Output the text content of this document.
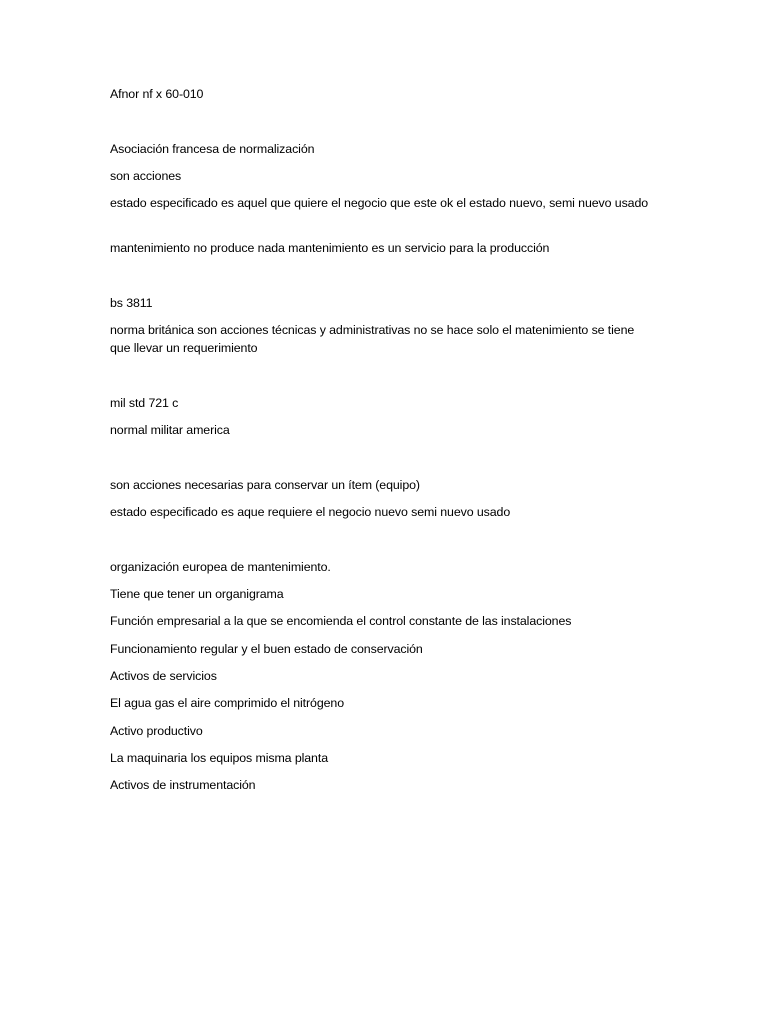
Afnor nf x 60-010
Asociación francesa de normalización
son acciones
estado especificado es aquel que quiere el negocio que este ok el estado nuevo, semi nuevo usado
mantenimiento no produce nada mantenimiento es un servicio para la producción
bs 3811
norma británica son acciones técnicas y administrativas no se hace solo el matenimiento se tiene que llevar un requerimiento
mil std 721 c
normal militar america
son acciones necesarias para conservar un ítem (equipo)
estado especificado es aque requiere el negocio nuevo semi nuevo usado
organización europea de mantenimiento.
Tiene que tener un organigrama
Función empresarial a la que se encomienda el control constante de las instalaciones
Funcionamiento regular y el buen estado de conservación
Activos de servicios
El agua gas el aire comprimido el nitrógeno
Activo productivo
La maquinaria los equipos misma planta
Activos de instrumentación
